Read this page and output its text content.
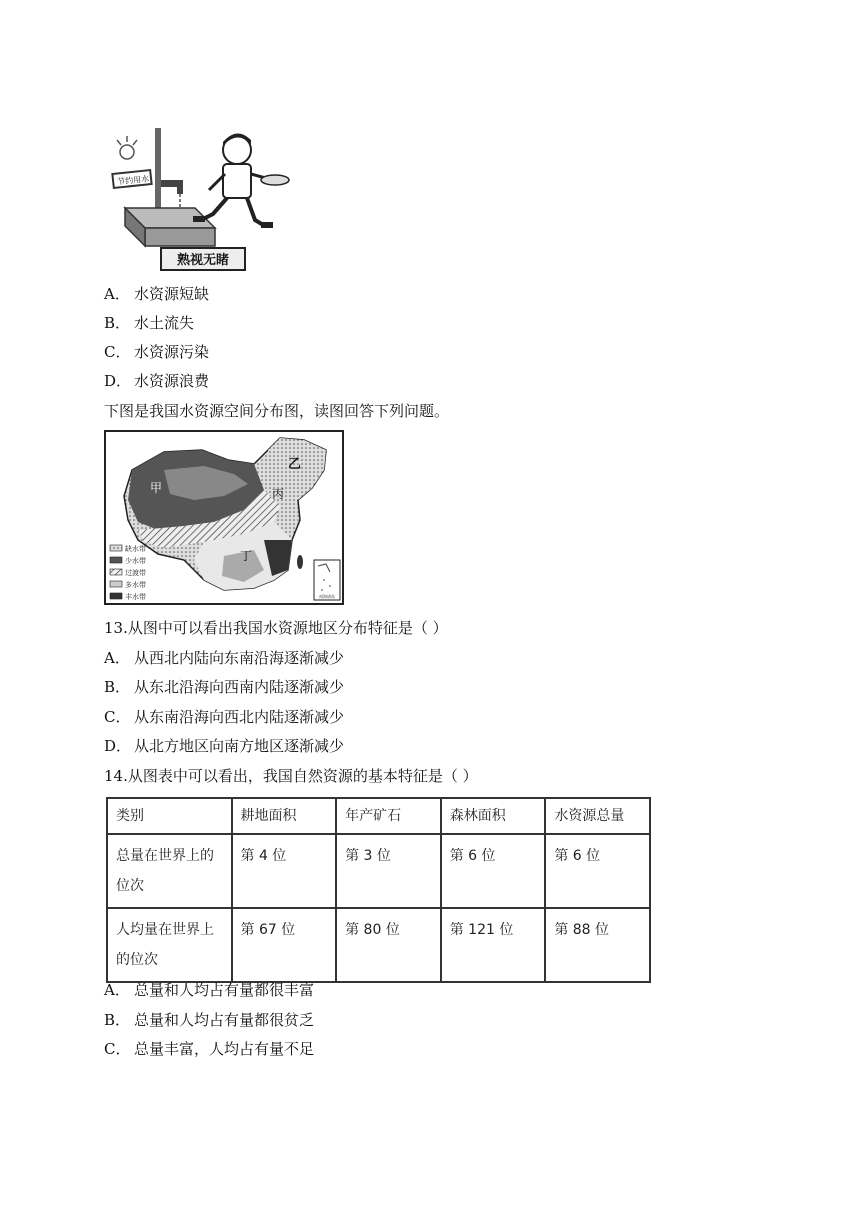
节约用水
熟视无睹
A． 水资源短缺
B． 水土流失
C． 水资源污染
D． 水资源浪费
下图是我国水资源空间分布图，读图回答下列问题。
甲
乙
丙
丁
缺水带
少水带
过渡带
多水带
丰水带	南海诸岛
13.从图中可以看出我国水资源地区分布特征是（ ）
A． 从西北内陆向东南沿海逐渐减少
B． 从东北沿海向西南内陆逐渐减少
C． 从东南沿海向西北内陆逐渐减少
D． 从北方地区向南方地区逐渐减少
14.从图表中可以看出，我国自然资源的基本特征是（ ）
类别	耕地面积	年产矿石	森林面积	水资源总量
总量在世界上的位次	第 4 位	第 3 位	第 6 位	第 6 位
人均量在世界上的位次	第 67 位	第 80 位	第 121 位	第 88 位
A． 总量和人均占有量都很丰富
B． 总量和人均占有量都很贫乏
C． 总量丰富，人均占有量不足
